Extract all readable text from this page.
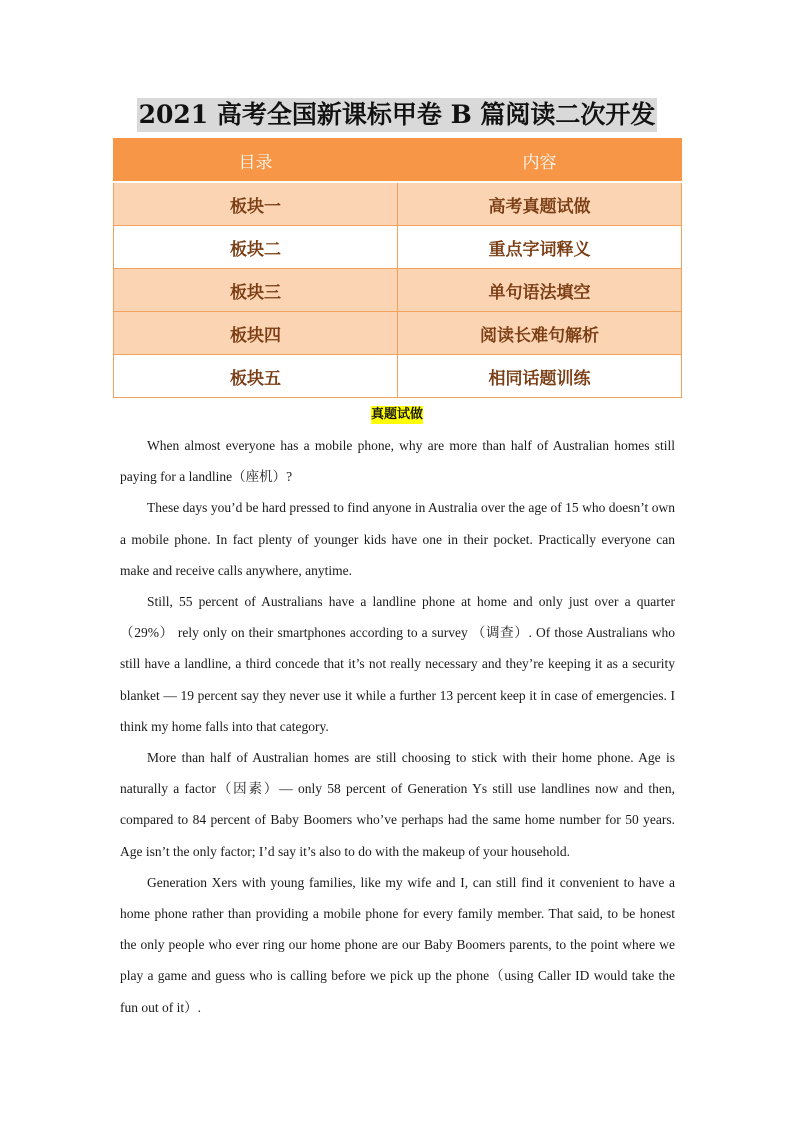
2021 高考全国新课标甲卷 B 篇阅读二次开发
目录	内容
板块一	高考真题试做
板块二	重点字词释义
板块三	单句语法填空
板块四	阅读长难句解析
板块五	相同话题训练
真题试做

When almost everyone has a mobile phone, why are more than half of Australian homes still paying for a landline（座机）?

These days you’d be hard pressed to find anyone in Australia over the age of 15 who doesn’t own a mobile phone. In fact plenty of younger kids have one in their pocket. Practically everyone can make and receive calls anywhere, anytime.

Still, 55 percent of Australians have a landline phone at home and only just over a quarter（29%） rely only on their smartphones according to a survey （调查）. Of those Australians who still have a landline, a third concede that it’s not really necessary and they’re keeping it as a security blanket — 19 percent say they never use it while a further 13 percent keep it in case of emergencies. I think my home falls into that category.

More than half of Australian homes are still choosing to stick with their home phone. Age is naturally a factor（因素）— only 58 percent of Generation Ys still use landlines now and then, compared to 84 percent of Baby Boomers who’ve perhaps had the same home number for 50 years. Age isn’t the only factor; I’d say it’s also to do with the makeup of your household.

Generation Xers with young families, like my wife and I, can still find it convenient to have a home phone rather than providing a mobile phone for every family member. That said, to be honest the only people who ever ring our home phone are our Baby Boomers parents, to the point where we play a game and guess who is calling before we pick up the phone（using Caller ID would take the fun out of it）.
